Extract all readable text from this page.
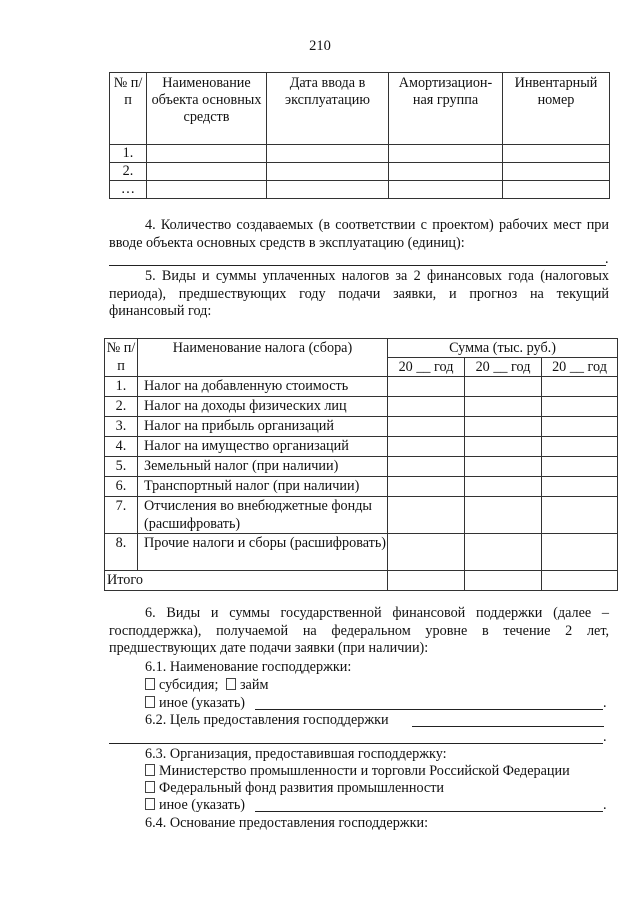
210
№ п/п	Наименование объекта основных средств	Дата ввода в эксплуатацию	Амортизацион-ная группа	Инвентарный номер
1.				
2.				
…				
4. Количество создаваемых (в соответствии с проектом) рабочих мест при вводе объекта основных средств в эксплуатацию (единиц):
.
5. Виды и суммы уплаченных налогов за 2 финансовых года (налоговых периода), предшествующих году подачи заявки, и прогноз на текущий финансовый год:
№ п/п	Наименование налога (сбора)	Сумма (тыс. руб.)		
		20 __ год	20 __ год	20 __ год
1.	Налог на добавленную стоимость			
2.	Налог на доходы физических лиц			
3.	Налог на прибыль организаций			
4.	Налог на имущество организаций			
5.	Земельный налог (при наличии)			
6.	Транспортный налог (при наличии)			
7.	Отчисления во внебюджетные фонды (расшифровать)			
8.	Прочие налоги и сборы (расшифровать)			
Итого				
6. Виды и суммы государственной финансовой поддержки (далее – господдержка), получаемой на федеральном уровне в течение 2 лет, предшествующих дате подачи заявки (при наличии):
6.1. Наименование господдержки:
субсидия; займ
иное (указать)	.
6.2. Цель предоставления господдержки
.
6.3. Организация, предоставившая господдержку:
Министерство промышленности и торговли Российской Федерации
Федеральный фонд развития промышленности
иное (указать)	.
6.4. Основание предоставления господдержки:
